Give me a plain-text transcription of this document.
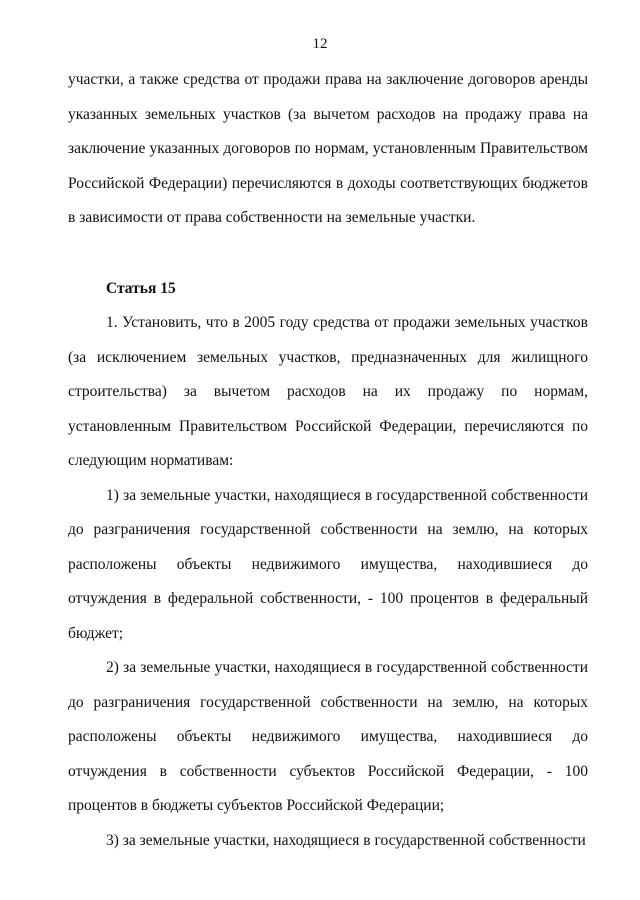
12

участки, а также средства от продажи права на заключение договоров аренды указанных земельных участков (за вычетом расходов на продажу права на заключение указанных договоров по нормам, установленным Правительством Российской Федерации) перечисляются в доходы соответствующих бюджетов в зависимости от права собственности на земельные участки.

Статья 15

1. Установить, что в 2005 году средства от продажи земельных участков (за исключением земельных участков, предназначенных для жилищного строительства) за вычетом расходов на их продажу по нормам, установленным Правительством Российской Федерации, перечисляются по следующим нормативам:

1) за земельные участки, находящиеся в государственной собственности до разграничения государственной собственности на землю, на которых расположены объекты недвижимого имущества, находившиеся до отчуждения в федеральной собственности, - 100 процентов в федеральный бюджет;

2) за земельные участки, находящиеся в государственной собственности до разграничения государственной собственности на землю, на которых расположены объекты недвижимого имущества, находившиеся до отчуждения в собственности субъектов Российской Федерации, - 100 процентов в бюджеты субъектов Российской Федерации;

3) за земельные участки, находящиеся в государственной собственности
